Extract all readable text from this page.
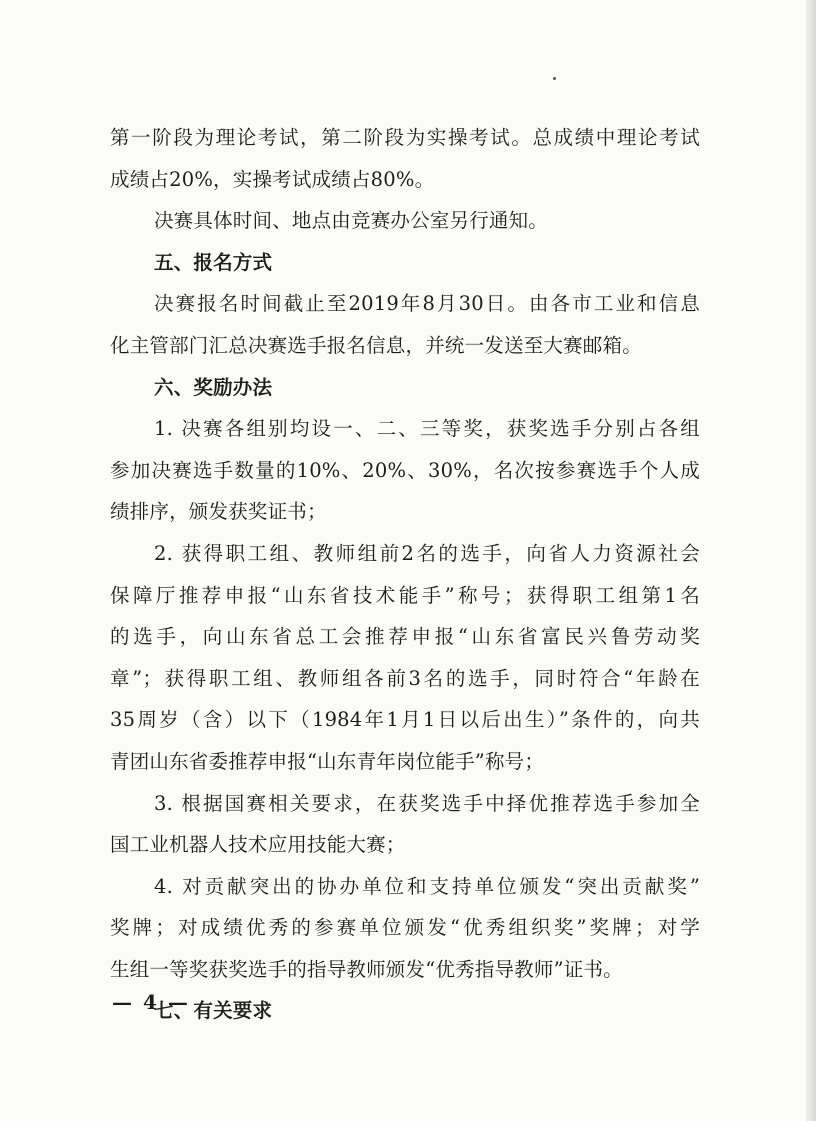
第一阶段为理论考试，第二阶段为实操考试。总成绩中理论考试
成绩占20%，实操考试成绩占80%。
决赛具体时间、地点由竞赛办公室另行通知。
五、报名方式
决赛报名时间截止至2019年8月30日。由各市工业和信息
化主管部门汇总决赛选手报名信息，并统一发送至大赛邮箱。
六、奖励办法
1. 决赛各组别均设一、二、三等奖，获奖选手分别占各组
参加决赛选手数量的10%、20%、30%，名次按参赛选手个人成
绩排序，颁发获奖证书；
2. 获得职工组、教师组前2名的选手，向省人力资源社会
保障厅推荐申报“山东省技术能手”称号；获得职工组第1名
的选手，向山东省总工会推荐申报“山东省富民兴鲁劳动奖
章”；获得职工组、教师组各前3名的选手，同时符合“年龄在
35周岁（含）以下（1984年1月1日以后出生）”条件的，向共
青团山东省委推荐申报“山东青年岗位能手”称号；
3. 根据国赛相关要求，在获奖选手中择优推荐选手参加全
国工业机器人技术应用技能大赛；
4. 对贡献突出的协办单位和支持单位颁发“突出贡献奖”
奖牌；对成绩优秀的参赛单位颁发“优秀组织奖”奖牌；对学
生组一等奖获奖选手的指导教师颁发“优秀指导教师”证书。
七、有关要求
— 4 —
